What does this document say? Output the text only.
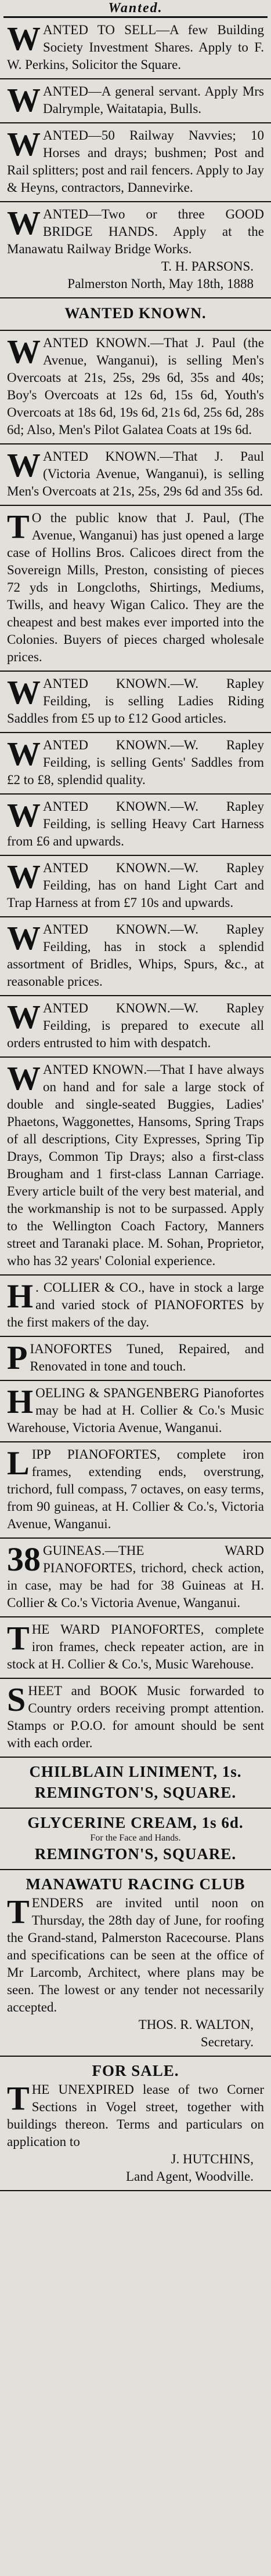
Wanted.

WANTED TO SELL—A few Building Society Investment Shares. Apply to F. W. Perkins, Solicitor the Square.

WANTED—A general servant. Apply Mrs Dalrymple, Waitatapia, Bulls.

WANTED—50 Railway Navvies; 10 Horses and drays; bushmen; Post and Rail splitters; post and rail fencers. Apply to Jay & Heyns, contractors, Dannevirke.

WANTED—Two or three GOOD BRIDGE HANDS. Apply at the Manawatu Railway Bridge Works.

T. H. PARSONS.
Palmerston North, May 18th, 1888
WANTED KNOWN.

WANTED KNOWN.—That J. Paul (the Avenue, Wanganui), is selling Men's Overcoats at 21s, 25s, 29s 6d, 35s and 40s; Boy's Overcoats at 12s 6d, 15s 6d, Youth's Overcoats at 18s 6d, 19s 6d, 21s 6d, 25s 6d, 28s 6d; Also, Men's Pilot Galatea Coats at 19s 6d.

WANTED KNOWN.—That J. Paul (Victoria Avenue, Wanganui), is selling Men's Overcoats at 21s, 25s, 29s 6d and 35s 6d.

T O the public know that J. Paul, (The Avenue, Wanganui) has just opened a large case of Hollins Bros. Calicoes direct from the Sovereign Mills, Preston, consisting of pieces 72 yds in Longcloths, Shirtings, Mediums, Twills, and heavy Wigan Calico. They are the cheapest and best makes ever imported into the Colonies. Buyers of pieces charged wholesale prices.

WANTED KNOWN.—W. Rapley Feilding, is selling Ladies Riding Saddles from £5 up to £12 Good articles.

WANTED KNOWN.—W. Rapley Feilding, is selling Gents' Saddles from £2 to £8, splendid quality.

WANTED KNOWN.—W. Rapley Feilding, is selling Heavy Cart Harness from £6 and upwards.

WANTED KNOWN.—W. Rapley Feilding, has on hand Light Cart and Trap Harness at from £7 10s and upwards.

WANTED KNOWN.—W. Rapley Feilding, has in stock a splendid assortment of Bridles, Whips, Spurs, &c., at reasonable prices.

WANTED KNOWN.—W. Rapley Feilding, is prepared to execute all orders entrusted to him with despatch.

WANTED KNOWN.—That I have always on hand and for sale a large stock of double and single-seated Buggies, Ladies' Phaetons, Waggonettes, Hansoms, Spring Traps of all descriptions, City Expresses, Spring Tip Drays, Common Tip Drays; also a first-class Brougham and 1 first-class Lannan Carriage. Every article built of the very best material, and the workmanship is not to be surpassed. Apply to the Wellington Coach Factory, Manners street and Taranaki place. M. Sohan, Proprietor, who has 32 years' Colonial experience.

H . COLLIER & CO., have in stock a large and varied stock of PIANOFORTES by the first makers of the day.

PIANOFORTES Tuned, Repaired, and Renovated in tone and touch.

HOELING & SPANGENBERG Pianofortes may be had at H. Collier & Co.'s Music Warehouse, Victoria Avenue, Wanganui.

LIPP PIANOFORTES, complete iron frames, extending ends, overstrung, trichord, full compass, 7 octaves, on easy terms, from 90 guineas, at H. Collier & Co.'s, Victoria Avenue, Wanganui.

38 GUINEAS.—THE WARD PIANOFORTES, trichord, check action, in case, may be had for 38 Guineas at H. Collier & Co.'s Victoria Avenue, Wanganui.

THE WARD PIANOFORTES, complete iron frames, check repeater action, are in stock at H. Collier & Co.'s, Music Warehouse.

SHEET and BOOK Music forwarded to Country orders receiving prompt attention. Stamps or P.O.O. for amount should be sent with each order.

CHILBLAIN LINIMENT, 1s.
REMINGTON'S, SQUARE.
GLYCERINE CREAM, 1s 6d.
For the Face and Hands.
REMINGTON'S, SQUARE.
MANAWATU RACING CLUB

TENDERS are invited until noon on Thursday, the 28th day of June, for roofing the Grand-stand, Palmerston Racecourse. Plans and specifications can be seen at the office of Mr Larcomb, Architect, where plans may be seen. The lowest or any tender not necessarily accepted.

THOS. R. WALTON,
Secretary.
FOR SALE.

THE UNEXPIRED lease of two Corner Sections in Vogel street, together with buildings thereon. Terms and particulars on application to

J. HUTCHINS,
Land Agent, Woodville.
